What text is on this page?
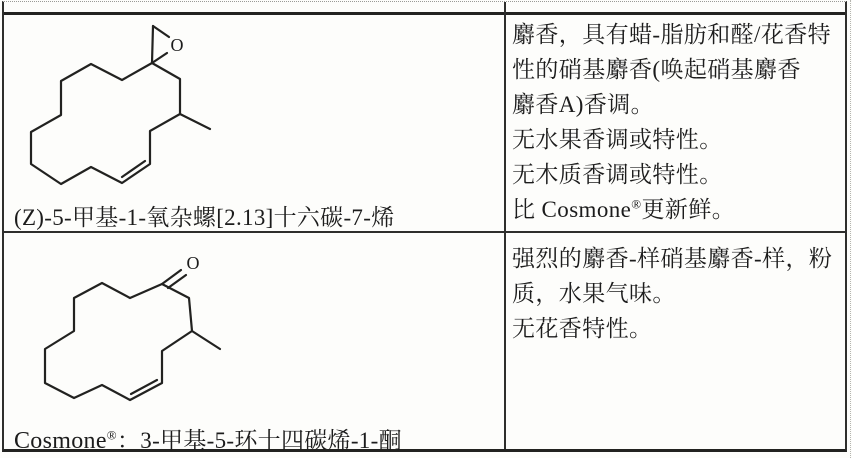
O
(Z)-5-甲基-1-氧杂螺[2.13]十六碳-7-烯
麝香，具有蜡-脂肪和醛/花香特
性的硝基麝香(唤起硝基麝香
麝香A)香调。
无水果香调或特性。
无木质香调或特性。
比 Cosmone®更新鲜。
O
Cosmone®：3-甲基-5-环十四碳烯-1-酮
强烈的麝香-样硝基麝香-样，粉
质，水果气味。
无花香特性。
